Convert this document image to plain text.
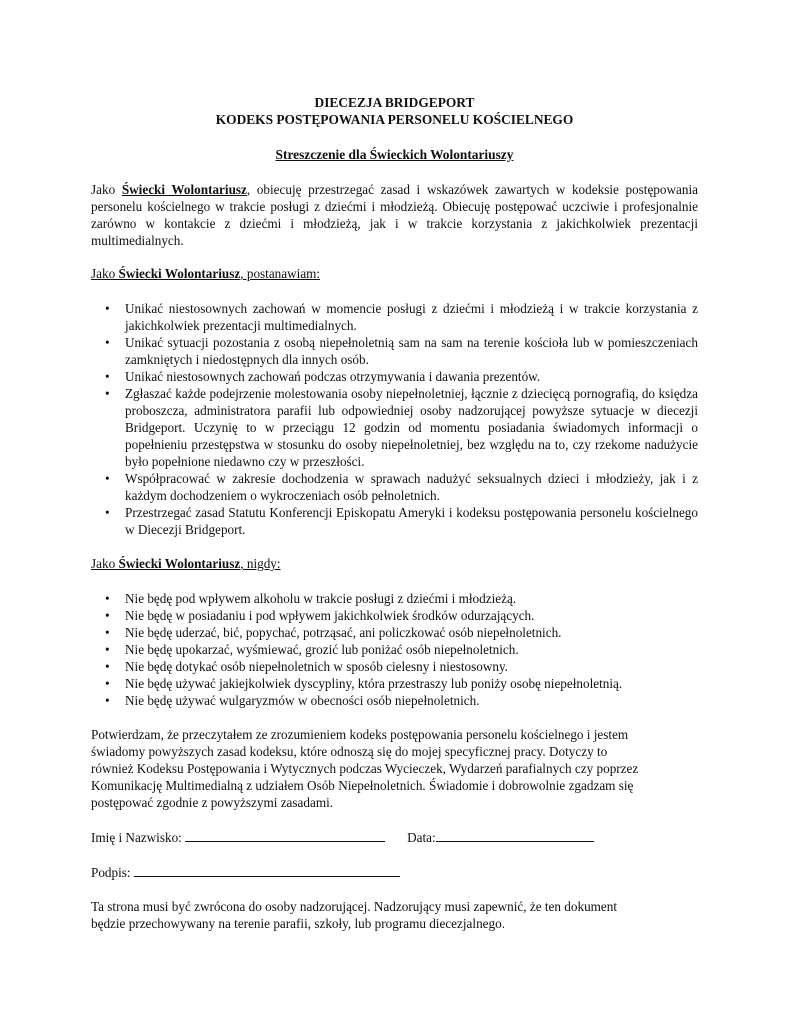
DIECEZJA BRIDGEPORT

KODEKS POSTĘPOWANIA PERSONELU KOŚCIELNEGO

Streszczenie dla Świeckich Wolontariuszy

Jako Świecki Wolontariusz, obiecuję przestrzegać zasad i wskazówek zawartych w kodeksie postępowania personelu kościelnego w trakcie posługi z dziećmi i młodzieżą. Obiecuję postępować uczciwie i profesjonalnie zarówno w kontakcie z dziećmi i młodzieżą, jak i w trakcie korzystania z jakichkolwiek prezentacji multimedialnych.

Jako Świecki Wolontariusz, postanawiam:

• Unikać niestosownych zachowań w momencie posługi z dziećmi i młodzieżą i w trakcie korzystania z jakichkolwiek prezentacji multimedialnych.
• Unikać sytuacji pozostania z osobą niepełnoletnią sam na sam na terenie kościoła lub w pomieszczeniach zamkniętych i niedostępnych dla innych osób.
• Unikać niestosownych zachowań podczas otrzymywania i dawania prezentów.
• Zgłaszać każde podejrzenie molestowania osoby niepełnoletniej, łącznie z dziecięcą pornografią, do księdza proboszcza, administratora parafii lub odpowiedniej osoby nadzorującej powyższe sytuacje w diecezji Bridgeport. Uczynię to w przeciągu 12 godzin od momentu posiadania świadomych informacji o popełnieniu przestępstwa w stosunku do osoby niepełnoletniej, bez względu na to, czy rzekome nadużycie było popełnione niedawno czy w przeszłości.
• Współpracować w zakresie dochodzenia w sprawach nadużyć seksualnych dzieci i młodzieży, jak i z każdym dochodzeniem o wykroczeniach osób pełnoletnich.
• Przestrzegać zasad Statutu Konferencji Episkopatu Ameryki i kodeksu postępowania personelu kościelnego w Diecezji Bridgeport.

Jako Świecki Wolontariusz, nigdy:

• Nie będę pod wpływem alkoholu w trakcie posługi z dziećmi i młodzieżą.
• Nie będę w posiadaniu i pod wpływem jakichkolwiek środków odurzających.
• Nie będę uderzać, bić, popychać, potrząsać, ani policzkować osób niepełnoletnich.
• Nie będę upokarzać, wyśmiewać, grozić lub poniżać osób niepełnoletnich.
• Nie będę dotykać osób niepełnoletnich w sposób cielesny i niestosowny.
• Nie będę używać jakiejkolwiek dyscypliny, która przestraszy lub poniży osobę niepełnoletnią.
• Nie będę używać wulgaryzmów w obecności osób niepełnoletnich.

Potwierdzam, że przeczytałem ze zrozumieniem kodeks postępowania personelu kościelnego i jestem

świadomy powyższych zasad kodeksu, które odnoszą się do mojej specyficznej pracy. Dotyczy to

również Kodeksu Postępowania i Wytycznych podczas Wycieczek, Wydarzeń parafialnych czy poprzez

Komunikację Multimedialną z udziałem Osób Niepełnoletnich. Świadomie i dobrowolnie zgadzam się

postępować zgodnie z powyższymi zasadami.

Imię i Nazwisko:	Data:

Podpis:

Ta strona musi być zwrócona do osoby nadzorującej. Nadzorujący musi zapewnić, że ten dokument

będzie przechowywany na terenie parafii, szkoły, lub programu diecezjalnego.
